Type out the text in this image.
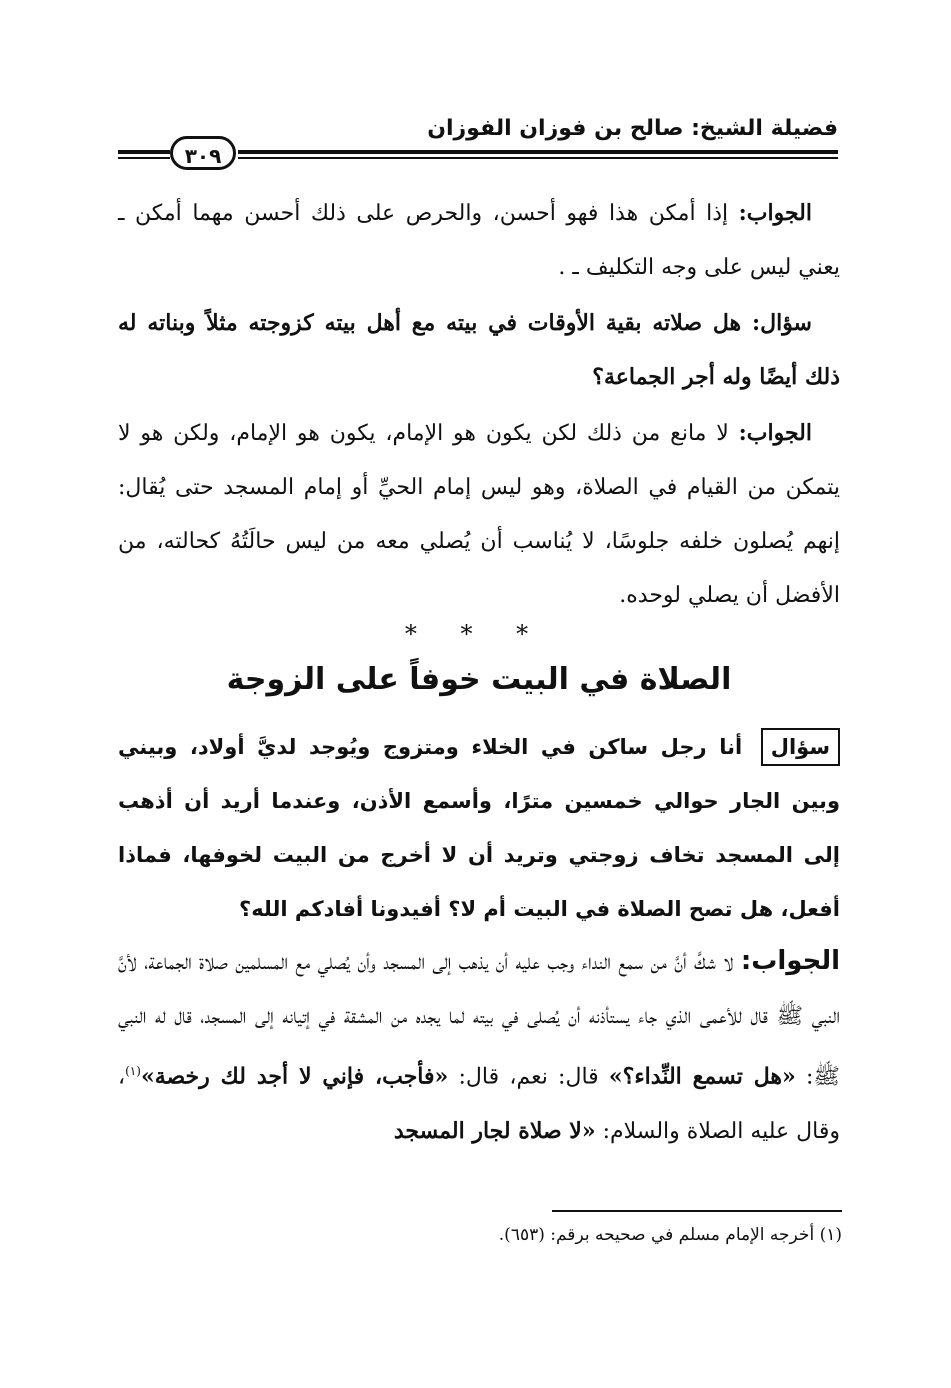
فضيلة الشيخ: صالح بن فوزان الفوزان
٣٠٩
الجواب: إذا أمكن هذا فهو أحسن، والحرص على ذلك أحسن مهما أمكن ـ يعني ليس على وجه التكليف ـ .
سؤال: هل صلاته بقية الأوقات في بيته مع أهل بيته كزوجته مثلاً وبناته له ذلك أيضًا وله أجر الجماعة؟
الجواب: لا مانع من ذلك لكن يكون هو الإمام، يكون هو الإمام، ولكن هو لا يتمكن من القيام في الصلاة، وهو ليس إمام الحيِّ أو إمام المسجد حتى يُقال: إنهم يُصلون خلفه جلوسًا، لا يُناسب أن يُصلي معه من ليس حالَتُهُ كحالته، من الأفضل أن يصلي لوحده.
* * *
الصلاة في البيت خوفاً على الزوجة
سؤال أنا رجل ساكن في الخلاء ومتزوج ويُوجد لديَّ أولاد، وبيني وبين الجار حوالي خمسين مترًا، وأسمع الأذن، وعندما أريد أن أذهب إلى المسجد تخاف زوجتي وتريد أن لا أخرج من البيت لخوفها، فماذا أفعل، هل تصح الصلاة في البيت أم لا؟ أفيدونا أفادكم الله؟
الجواب: لا شكَّ أنَّ من سمع النداء وجب عليه أن يذهب إلى المسجد وأن يُصلي مع المسلمين صلاة الجماعة، لأنَّ النبي ﷺ قال للأعمى الذي جاء يستأذنه أن يُصلى في بيته لما يجده من المشقة في إتيانه إلى المسجد، قال له النبي ﷺ: «هل تسمع النِّداء؟» قال: نعم، قال: «فأجب، فإني لا أجد لك رخصة»$^{(١)}$، وقال عليه الصلاة والسلام: «لا صلاة لجار المسجد
(١) أخرجه الإمام مسلم في صحيحه برقم: (٦٥٣).
